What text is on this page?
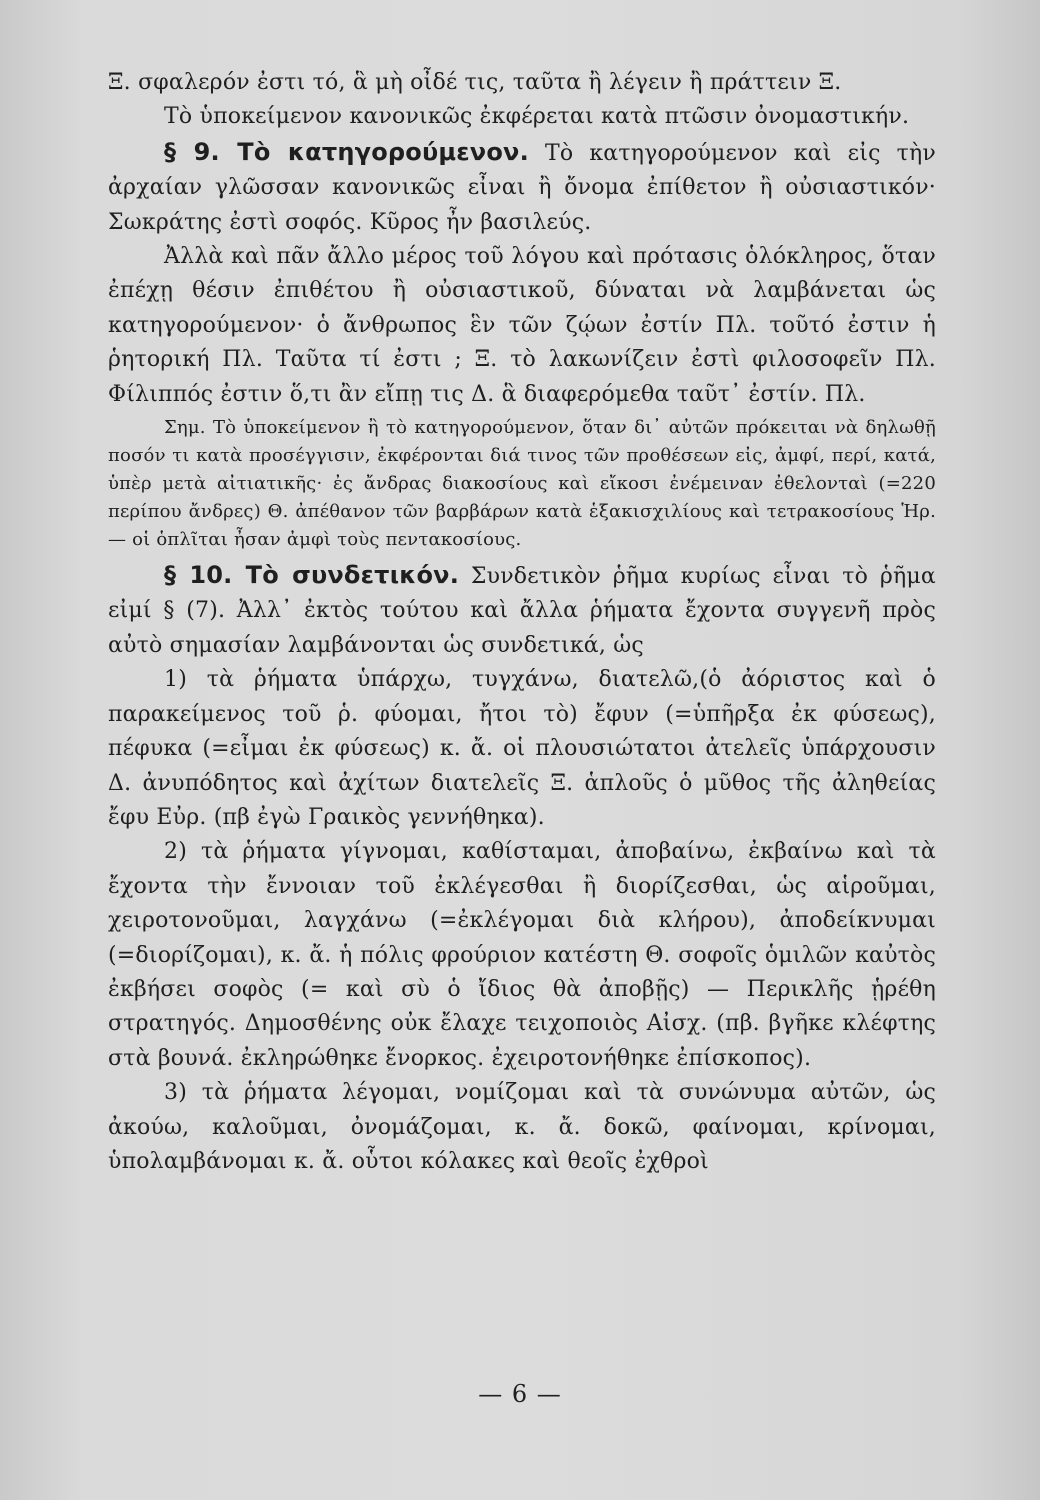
Ξ. σφαλερόν ἐστι τό, ἃ μὴ οἶδέ τις, ταῦτα ἢ λέγειν ἢ πράττειν Ξ.

Τὸ ὑποκείμενον κανονικῶς ἐκφέρεται κατὰ πτῶσιν ὀνομαστικήν.

§ 9. Τὸ κατηγορούμενον. Τὸ κατηγορούμενον καὶ εἰς τὴν ἀρχαίαν γλῶσσαν κανονικῶς εἶναι ἢ ὄνομα ἐπίθετον ἢ οὐσιαστικόν· Σωκράτης ἐστὶ σοφός. Κῦρος ἦν βασιλεύς.

Ἀλλὰ καὶ πᾶν ἄλλο μέρος τοῦ λόγου καὶ πρότασις ὁλόκληρος, ὅταν ἐπέχῃ θέσιν ἐπιθέτου ἢ οὐσιαστικοῦ, δύναται νὰ λαμβάνεται ὡς κατηγορούμενον· ὁ ἄνθρωπος ἓν τῶν ζῴων ἐστίν Πλ. τοῦτό ἐστιν ἡ ῥητορική Πλ. Ταῦτα τί ἐστι ; Ξ. τὸ λακωνίζειν ἐστὶ φιλοσοφεῖν Πλ. Φίλιππός ἐστιν ὅ,τι ἂν εἴπῃ τις Δ. ἃ διαφερόμεθα ταῦτ᾽ ἐστίν. Πλ.

Σημ. Τὸ ὑποκείμενον ἢ τὸ κατηγορούμενον, ὅταν δι᾽ αὐτῶν πρόκειται νὰ δηλωθῇ ποσόν τι κατὰ προσέγγισιν, ἐκφέρονται διά τινος τῶν προθέσεων εἰς, ἀμφί, περί, κατά, ὑπὲρ μετὰ αἰτιατικῆς· ἐς ἄνδρας διακοσίους καὶ εἴκοσι ἐνέμειναν ἐθελονταὶ (=220 περίπου ἄνδρες) Θ. ἀπέθανον τῶν βαρβάρων κατὰ ἑξακισχιλίους καὶ τετρακοσίους Ἡρ. — οἱ ὁπλῖται ἦσαν ἀμφὶ τοὺς πεντακοσίους.

§ 10. Τὸ συνδετικόν. Συνδετικὸν ῥῆμα κυρίως εἶναι τὸ ῥῆμα εἰμί § (7). Ἀλλ᾽ ἐκτὸς τούτου καὶ ἄλλα ῥήματα ἔχοντα συγγενῆ πρὸς αὐτὸ σημασίαν λαμβάνονται ὡς συνδετικά, ὡς

1) τὰ ῥήματα ὑπάρχω, τυγχάνω, διατελῶ,(ὁ ἀόριστος καὶ ὁ παρακείμενος τοῦ ῥ. φύομαι, ἤτοι τὸ) ἔφυν (=ὑπῆρξα ἐκ φύσεως), πέφυκα (=εἶμαι ἐκ φύσεως) κ. ἄ. οἱ πλουσιώτατοι ἀτελεῖς ὑπάρχουσιν Δ. ἀνυπόδητος καὶ ἀχίτων διατελεῖς Ξ. ἁπλοῦς ὁ μῦθος τῆς ἀληθείας ἔφυ Εὐρ. (πβ ἐγὼ Γραικὸς γεννήθηκα).

2) τὰ ῥήματα γίγνομαι, καθίσταμαι, ἀποβαίνω, ἐκβαίνω καὶ τὰ ἔχοντα τὴν ἔννοιαν τοῦ ἐκλέγεσθαι ἢ διορίζεσθαι, ὡς αἱροῦμαι, χειροτονοῦμαι, λαγχάνω (=ἐκλέγομαι διὰ κλήρου), ἀποδείκνυμαι (=διορίζομαι), κ. ἄ. ἡ πόλις φρούριον κατέστη Θ. σοφοῖς ὁμιλῶν καὐτὸς ἐκβήσει σοφὸς (= καὶ σὺ ὁ ἴδιος θὰ ἀποβῇς) — Περικλῆς ᾑρέθη στρατηγός. Δημοσθένης οὐκ ἔλαχε τειχοποιὸς Αἰσχ. (πβ. βγῆκε κλέφτης στὰ βουνά. ἐκληρώθηκε ἔνορκος. ἐχειροτονήθηκε ἐπίσκοπος).

3) τὰ ῥήματα λέγομαι, νομίζομαι καὶ τὰ συνώνυμα αὐτῶν, ὡς ἀκούω, καλοῦμαι, ὀνομάζομαι, κ. ἄ. δοκῶ, φαίνομαι, κρίνομαι, ὑπολαμβάνομαι κ. ἄ. οὗτοι κόλακες καὶ θεοῖς ἐχθροὶ

— 6 —
